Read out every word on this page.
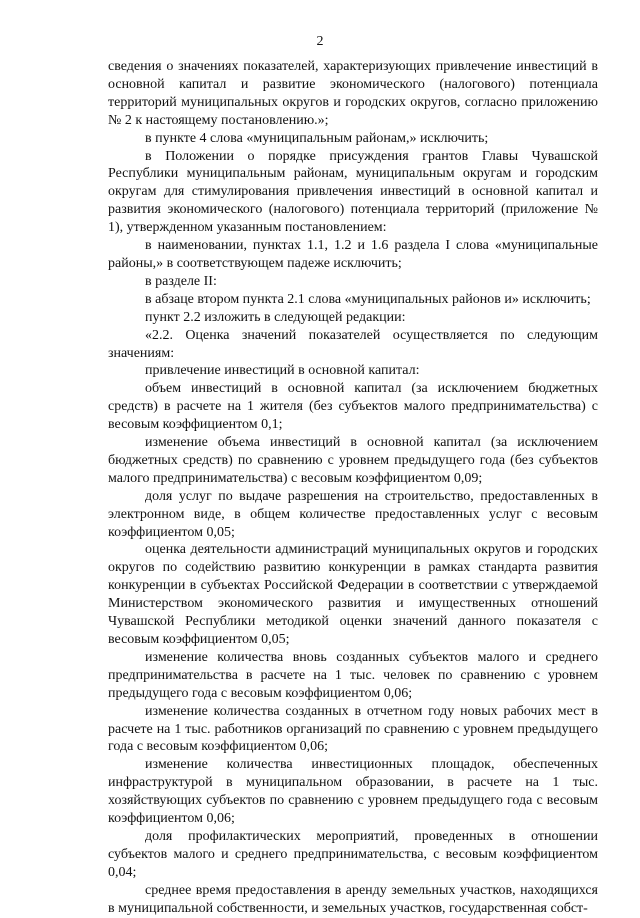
2

сведения о значениях показателей, характеризующих привлечение инвестиций в основной капитал и развитие экономического (налогового) потенциала территорий муниципальных округов и городских округов, согласно приложению № 2 к настоящему постановлению.»;

в пункте 4 слова «муниципальным районам,» исключить;

в Положении о порядке присуждения грантов Главы Чувашской Республики муниципальным районам, муниципальным округам и городским округам для стимулирования привлечения инвестиций в основной капитал и развития экономического (налогового) потенциала территорий (приложение № 1), утвержденном указанным постановлением:

в наименовании, пунктах 1.1, 1.2 и 1.6 раздела I слова «муниципальные районы,» в соответствующем падеже исключить;

в разделе II:

в абзаце втором пункта 2.1 слова «муниципальных районов и» исключить;

пункт 2.2 изложить в следующей редакции:

«2.2. Оценка значений показателей осуществляется по следующим значениям:

привлечение инвестиций в основной капитал:

объем инвестиций в основной капитал (за исключением бюджетных средств) в расчете на 1 жителя (без субъектов малого предпринимательства) с весовым коэффициентом 0,1;

изменение объема инвестиций в основной капитал (за исключением бюджетных средств) по сравнению с уровнем предыдущего года (без субъектов малого предпринимательства) с весовым коэффициентом 0,09;

доля услуг по выдаче разрешения на строительство, предоставленных в электронном виде, в общем количестве предоставленных услуг с весовым коэффициентом 0,05;

оценка деятельности администраций муниципальных округов и городских округов по содействию развитию конкуренции в рамках стандарта развития конкуренции в субъектах Российской Федерации в соответствии с утверждаемой Министерством экономического развития и имущественных отношений Чувашской Республики методикой оценки значений данного показателя с весовым коэффициентом 0,05;

изменение количества вновь созданных субъектов малого и среднего предпринимательства в расчете на 1 тыс. человек по сравнению с уровнем предыдущего года с весовым коэффициентом 0,06;

изменение количества созданных в отчетном году новых рабочих мест в расчете на 1 тыс. работников организаций по сравнению с уровнем предыдущего года с весовым коэффициентом 0,06;

изменение количества инвестиционных площадок, обеспеченных инфраструктурой в муниципальном образовании, в расчете на 1 тыс. хозяйствующих субъектов по сравнению с уровнем предыдущего года с весовым коэффициентом 0,06;

доля профилактических мероприятий, проведенных в отношении субъектов малого и среднего предпринимательства, с весовым коэффициентом 0,04;

среднее время предоставления в аренду земельных участков, находящихся в муниципальной собственности, и земельных участков, государственная собст-
